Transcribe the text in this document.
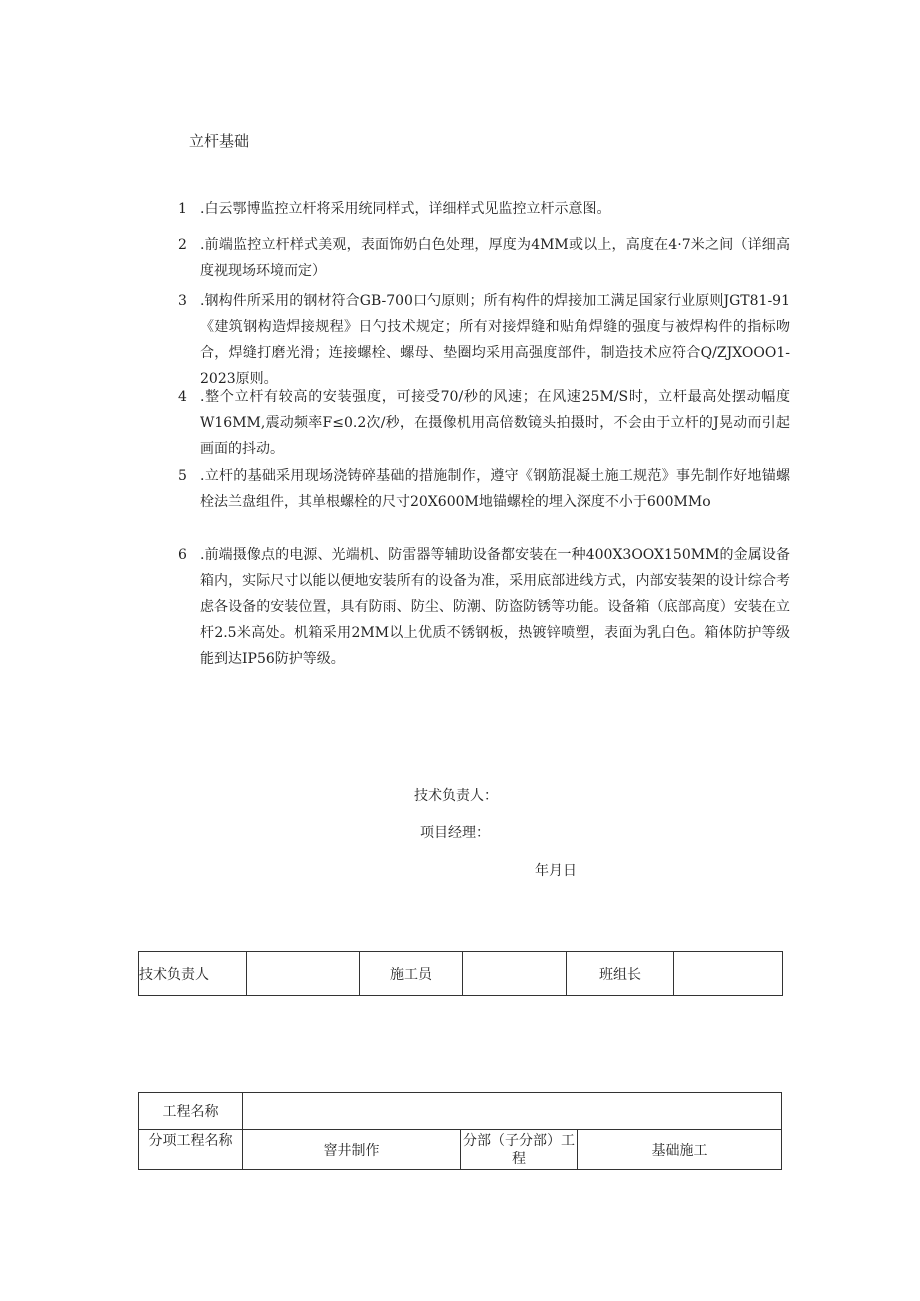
立杆基础
1 .白云鄂博监控立杆将采用统同样式，详细样式见监控立杆示意图。
2 .前端监控立杆样式美观，表面饰奶白色处理，厚度为4MM或以上，高度在4·7米之间（详细高度视现场环境而定）
3 .钢构件所采用的钢材符合GB-700口勺原则；所有构件的焊接加工满足国家行业原则JGT81-91《建筑钢构造焊接规程》日勺技术规定；所有对接焊缝和贴角焊缝的强度与被焊构件的指标吻合，焊缝打磨光滑；连接螺栓、螺母、垫圈均采用高强度部件，制造技术应符合Q/ZJXOOO1-2023原则。
4 .整个立杆有较高的安装强度，可接受70/秒的风速；在风速25M/S时，立杆最高处摆动幅度W16MM,震动频率F≤0.2次/秒，在摄像机用高倍数镜头拍摄时，不会由于立杆的J晃动而引起画面的抖动。
5 .立杆的基础采用现场浇铸碎基础的措施制作，遵守《钢筋混凝土施工规范》事先制作好地锚螺栓法兰盘组件，其单根螺栓的尺寸20X600M地锚螺栓的埋入深度不小于600MMo
6 .前端摄像点的电源、光端机、防雷器等辅助设备都安装在一种400X3OOX150MM的金属设备箱内，实际尺寸以能以便地安装所有的设备为准，采用底部进线方式，内部安装架的设计综合考虑各设备的安装位置，具有防雨、防尘、防潮、防盗防锈等功能。设备箱（底部高度）安装在立杆2.5米高处。机箱采用2MM以上优质不锈钢板，热镀锌喷塑，表面为乳白色。箱体防护等级能到达IP56防护等级。
技术负责人：
项目经理：
年月日
技术负责人		施工员		班组长	
工程名称			
分项工程名称	窨井制作	分部（子分部）工程	基础施工
